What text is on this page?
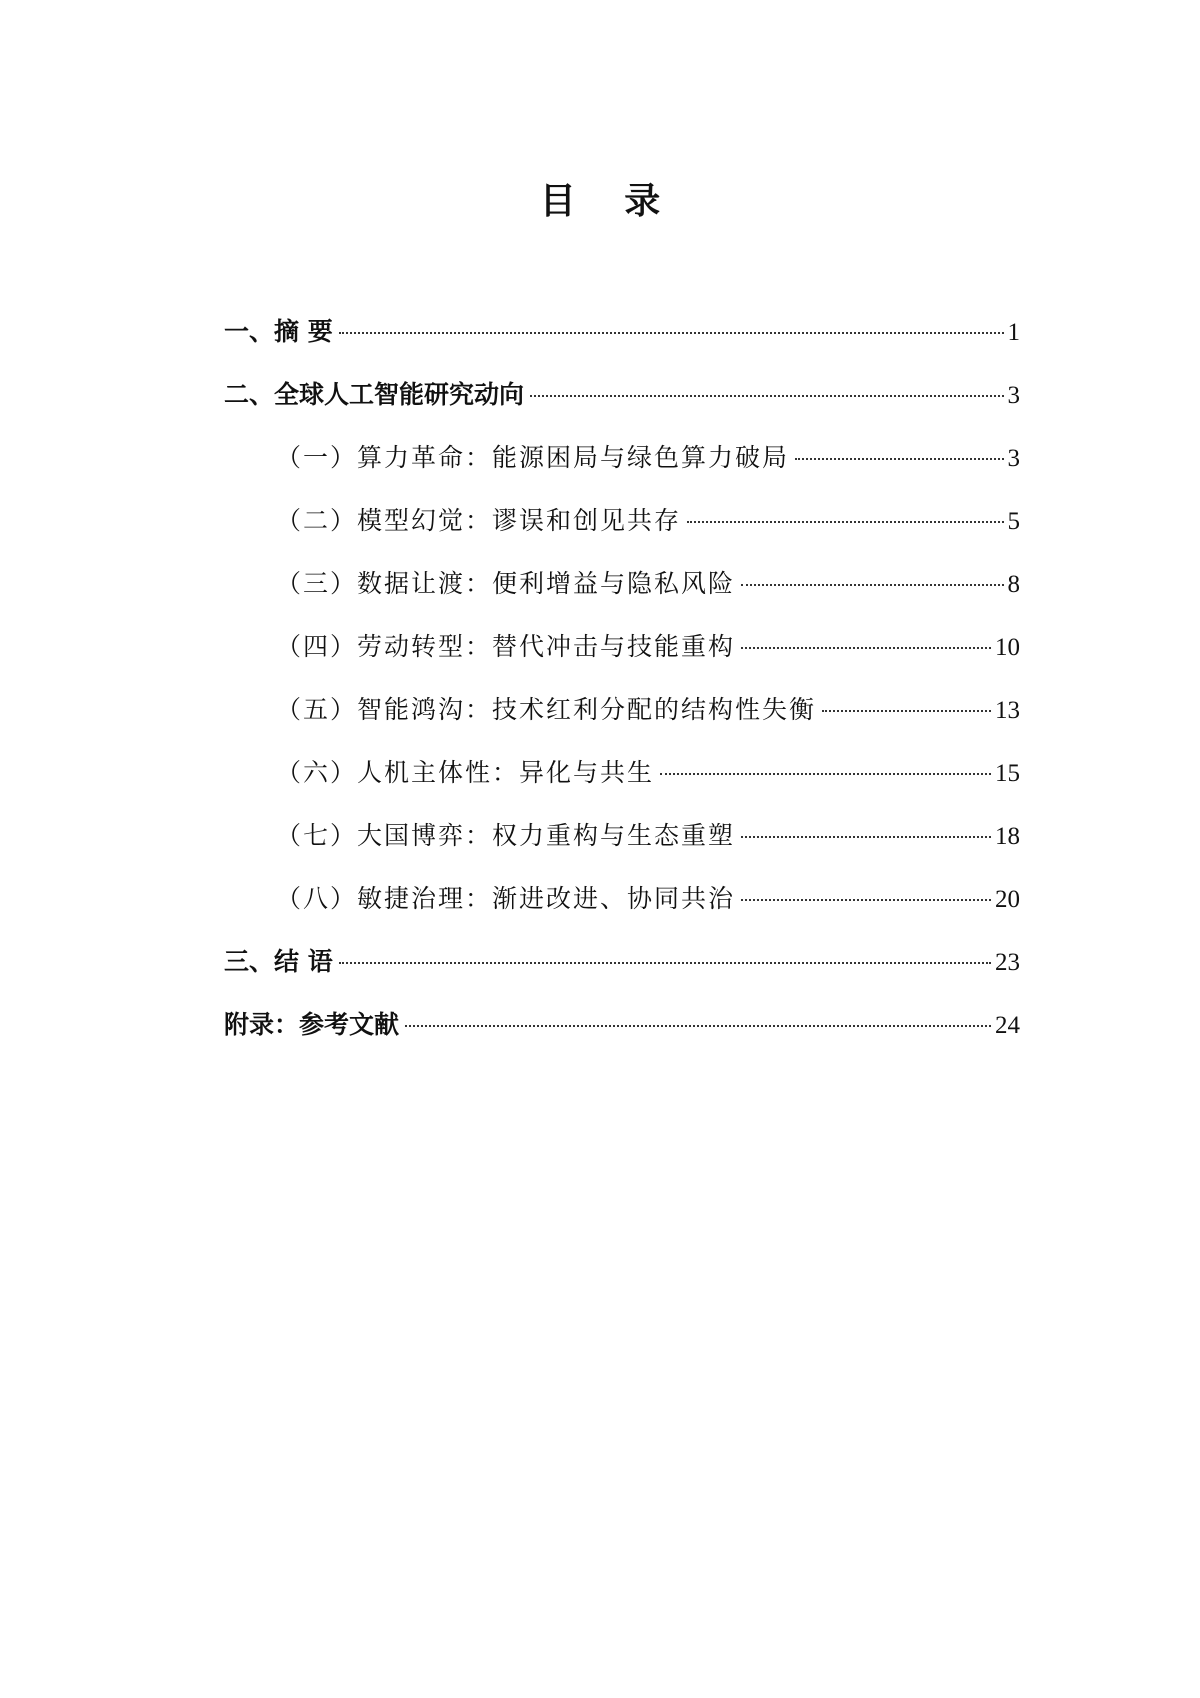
目 录
一、摘 要	1
二、全球人工智能研究动向	3
（一）算力革命：能源困局与绿色算力破局	3
（二）模型幻觉：谬误和创见共存	5
（三）数据让渡：便利增益与隐私风险	8
（四）劳动转型：替代冲击与技能重构	10
（五）智能鸿沟：技术红利分配的结构性失衡	13
（六）人机主体性：异化与共生	15
（七）大国博弈：权力重构与生态重塑	18
（八）敏捷治理：渐进改进、协同共治	20
三、结 语	23
附录：参考文献	24
